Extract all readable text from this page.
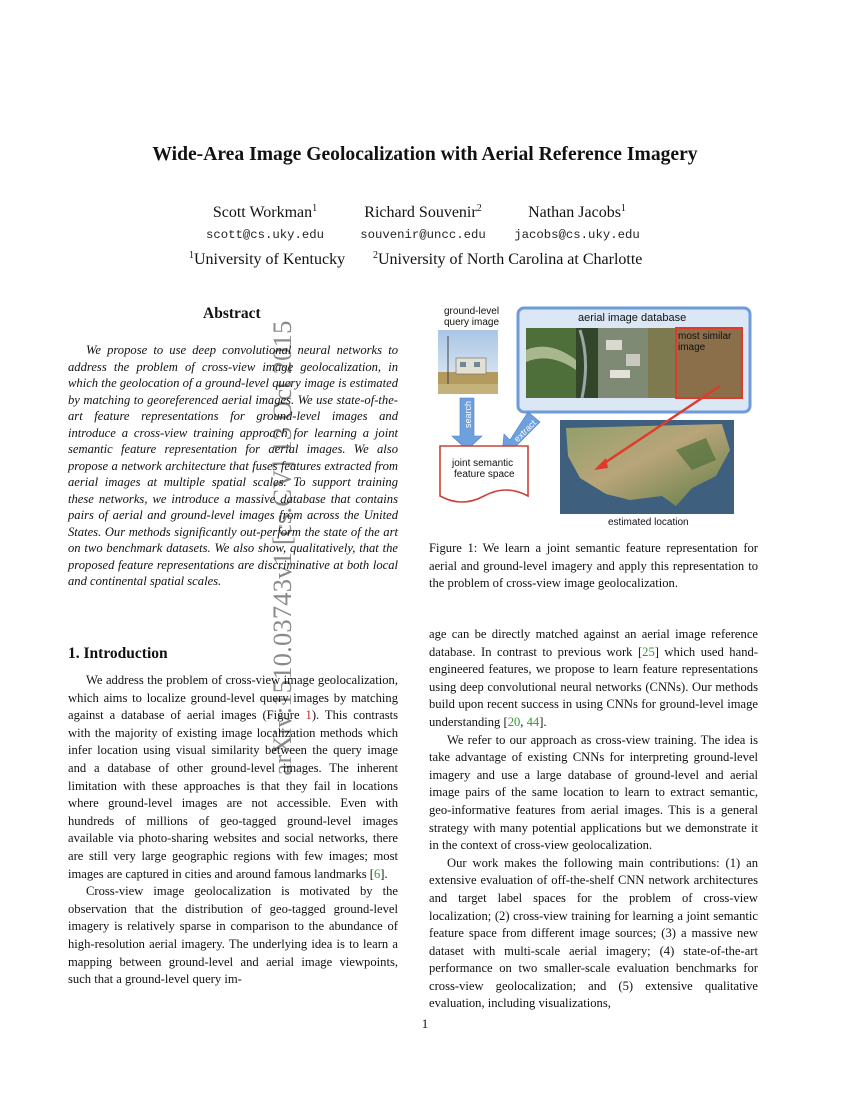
arXiv:1510.03743v1 [cs.CV] 13 Oct 2015
Wide-Area Image Geolocalization with Aerial Reference Imagery
Scott Workman$^1$
scott@cs.uky.edu
Richard Souvenir$^2$
souvenir@uncc.edu
Nathan Jacobs$^1$
jacobs@cs.uky.edu
$^1$University of Kentucky	$^2$University of North Carolina at Charlotte
Abstract
We propose to use deep convolutional neural networks to address the problem of cross-view image geolocalization, in which the geolocation of a ground-level query image is estimated by matching to georeferenced aerial images. We use state-of-the-art feature representations for ground-level images and introduce a cross-view training approach for learning a joint semantic feature representation for aerial images. We also propose a network architecture that fuses features extracted from aerial images at multiple spatial scales. To support training these networks, we introduce a massive database that contains pairs of aerial and ground-level images from across the United States. Our methods significantly out-perform the state of the art on two benchmark datasets. We also show, qualitatively, that the proposed feature representations are discriminative at both local and continental spatial scales.
ground-level
query image	aerial image database
most similar
image
search
extract
joint semantic
feature space
estimated location
Figure 1: We learn a joint semantic feature representation for aerial and ground-level imagery and apply this representation to the problem of cross-view image geolocalization.
1. Introduction

We address the problem of cross-view image geolocalization, which aims to localize ground-level query images by matching against a database of aerial images (Figure 1). This contrasts with the majority of existing image localization methods which infer location using visual similarity between the query image and a database of other ground-level images. The inherent limitation with these approaches is that they fail in locations where ground-level images are not accessible. Even with hundreds of millions of geo-tagged ground-level images available via photo-sharing websites and social networks, there are still very large geographic regions with few images; most images are captured in cities and around famous landmarks [6].

Cross-view image geolocalization is motivated by the observation that the distribution of geo-tagged ground-level imagery is relatively sparse in comparison to the abundance of high-resolution aerial imagery. The underlying idea is to learn a mapping between ground-level and aerial image viewpoints, such that a ground-level query im-

age can be directly matched against an aerial image reference database. In contrast to previous work [25] which used hand-engineered features, we propose to learn feature representations using deep convolutional neural networks (CNNs). Our methods build upon recent success in using CNNs for ground-level image understanding [20, 44].

We refer to our approach as cross-view training. The idea is take advantage of existing CNNs for interpreting ground-level imagery and use a large database of ground-level and aerial image pairs of the same location to learn to extract semantic, geo-informative features from aerial images. This is a general strategy with many potential applications but we demonstrate it in the context of cross-view geolocalization.

Our work makes the following main contributions: (1) an extensive evaluation of off-the-shelf CNN network architectures and target label spaces for the problem of cross-view localization; (2) cross-view training for learning a joint semantic feature space from different image sources; (3) a massive new dataset with multi-scale aerial imagery; (4) state-of-the-art performance on two smaller-scale evaluation benchmarks for cross-view geolocalization; and (5) extensive qualitative evaluation, including visualizations,

1
